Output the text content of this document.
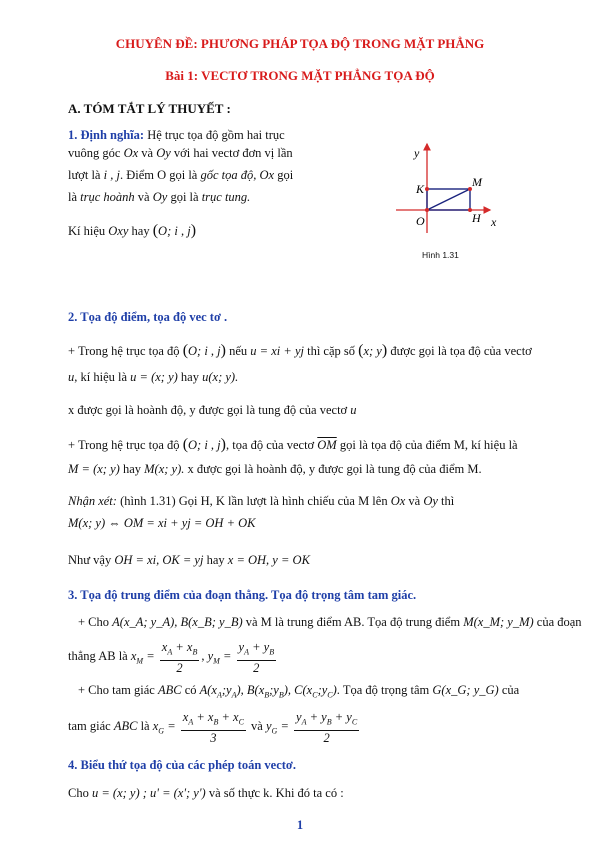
CHUYÊN ĐỀ: PHƯƠNG PHÁP TỌA ĐỘ TRONG MẶT PHẲNG
Bài 1: VECTƠ TRONG MẶT PHẲNG TỌA ĐỘ
A. TÓM TẮT LÝ THUYẾT :
1. Định nghĩa: Hệ trục tọa độ gồm hai trục
vuông góc Ox và Oy với hai vectơ đơn vị lần
lượt là i , j. Điểm O gọi là gốc tọa độ, Ox gọi
là trục hoành và Oy gọi là trục tung.
Kí hiệu Oxy hay (O; i , j)
y
x
O
K	M
H
Hình 1.31
2. Tọa độ điểm, tọa độ vec tơ .
+ Trong hệ trục tọa độ (O; i , j) nếu u = xi + yj thì cặp số (x; y) được gọi là tọa độ của vectơ
u, kí hiệu là u = (x; y) hay u(x; y).
x được gọi là hoành độ, y được gọi là tung độ của vectơ u
+ Trong hệ trục tọa độ (O; i , j), tọa độ của vectơ $\overline{OM}$ gọi là tọa độ của điểm M, kí hiệu là
M = (x; y) hay M(x; y). x được gọi là hoành độ, y được gọi là tung độ của điểm M.
Nhận xét: (hình 1.31) Gọi H, K lần lượt là hình chiếu của M lên Ox và Oy thì
M(x; y) ⇔ OM = xi + yj = OH + OK
Như vậy OH = xi, OK = yj hay x = OH, y = OK
3. Tọa độ trung điểm của đoạn thẳng. Tọa độ trọng tâm tam giác.
+ Cho A(x_A; y_A), B(x_B; y_B) và M là trung điểm AB. Tọa độ trung điểm M(x_M; y_M) của đoạn
thẳng AB là $x_M = \frac{x_A + x_B}{2}$ , $y_M = \frac{y_A + y_B}{2}$
+ Cho tam giác ABC có $A(x_A;y_A)$, $B(x_B;y_B)$, $C(x_C;y_C)$. Tọa độ trọng tâm G(x_G; y_G) của
tam giác ABC là $x_G = \frac{x_A + x_B + x_C}{3}$ và $y_G = \frac{y_A + y_B + y_C}{2}$
4. Biểu thứ tọa độ của các phép toán vectơ.
Cho u = (x; y) ; u' = (x'; y') và số thực k. Khi đó ta có :
1
